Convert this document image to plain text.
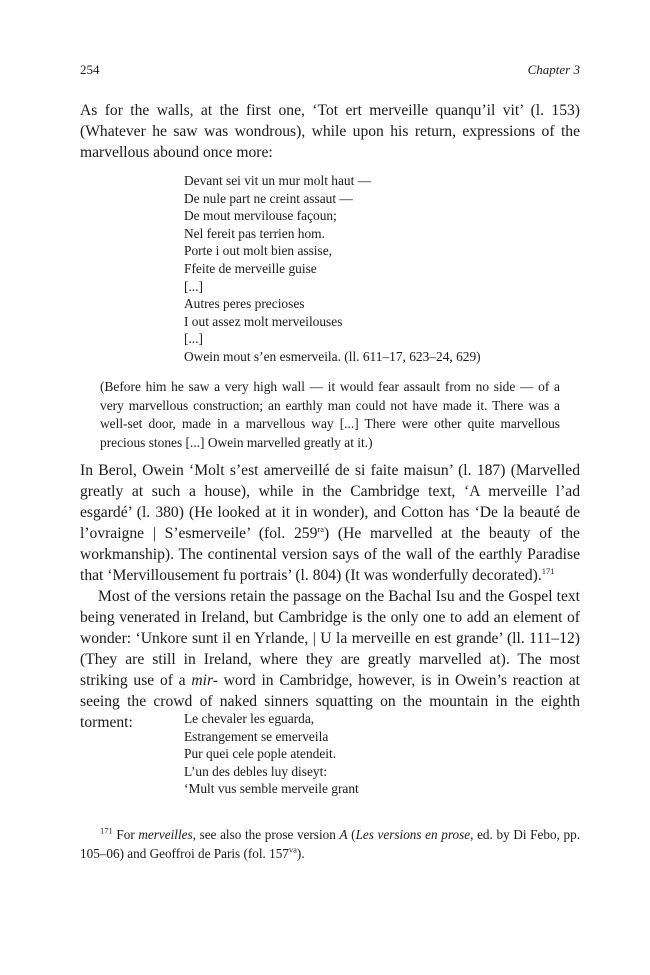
254	Chapter 3

As for the walls, at the first one, ‘Tot ert merveille quanqu’il vit’ (l. 153) (Whatever he saw was wondrous), while upon his return, expressions of the marvellous abound once more:

Devant sei vit un mur molt haut —
De nule part ne creint assaut —
De mout mervilouse façoun;
Nel fereit pas terrien hom.
Porte i out molt bien assise,
Ffeite de merveille guise
[...]
Autres peres precioses
I out assez molt merveilouses
[...]
Owein mout s’en esmerveila. (ll. 611–17, 623–24, 629)
(Before him he saw a very high wall — it would fear assault from no side — of a very marvellous construction; an earthly man could not have made it. There was a well-set door, made in a marvellous way [...] There were other quite marvellous precious stones [...] Owein marvelled greatly at it.)

In Berol, Owein ‘Molt s’est amerveillé de si faite maisun’ (l. 187) (Marvelled greatly at such a house), while in the Cambridge text, ‘A merveille l’ad esgardé’ (l. 380) (He looked at it in wonder), and Cotton has ‘De la beauté de l’ovraigne | S’esmerveile’ (fol. $259^{ra}$) (He marvelled at the beauty of the workmanship). The continental version says of the wall of the earthly Paradise that ‘Mervillousement fu portrais’ (l. 804) (It was wonderfully decorated).$^{171}$

Most of the versions retain the passage on the Bachal Isu and the Gospel text being venerated in Ireland, but Cambridge is the only one to add an element of wonder: ‘Unkore sunt il en Yrlande, | U la merveille en est grande’ (ll. 111–12) (They are still in Ireland, where they are greatly marvelled at). The most striking use of a mir- word in Cambridge, however, is in Owein’s reaction at seeing the crowd of naked sinners squatting on the mountain in the eighth torment:	Le chevaler les eguarda,
Estrangement se emerveila
Pur quei cele pople atendeit.
L’un des debles luy diseyt:
‘Mult vus semble merveile grant
$^{171}$ For merveilles, see also the prose version A (Les versions en prose, ed. by Di Febo, pp. 105–06) and Geoffroi de Paris (fol. $157^{va}$).
